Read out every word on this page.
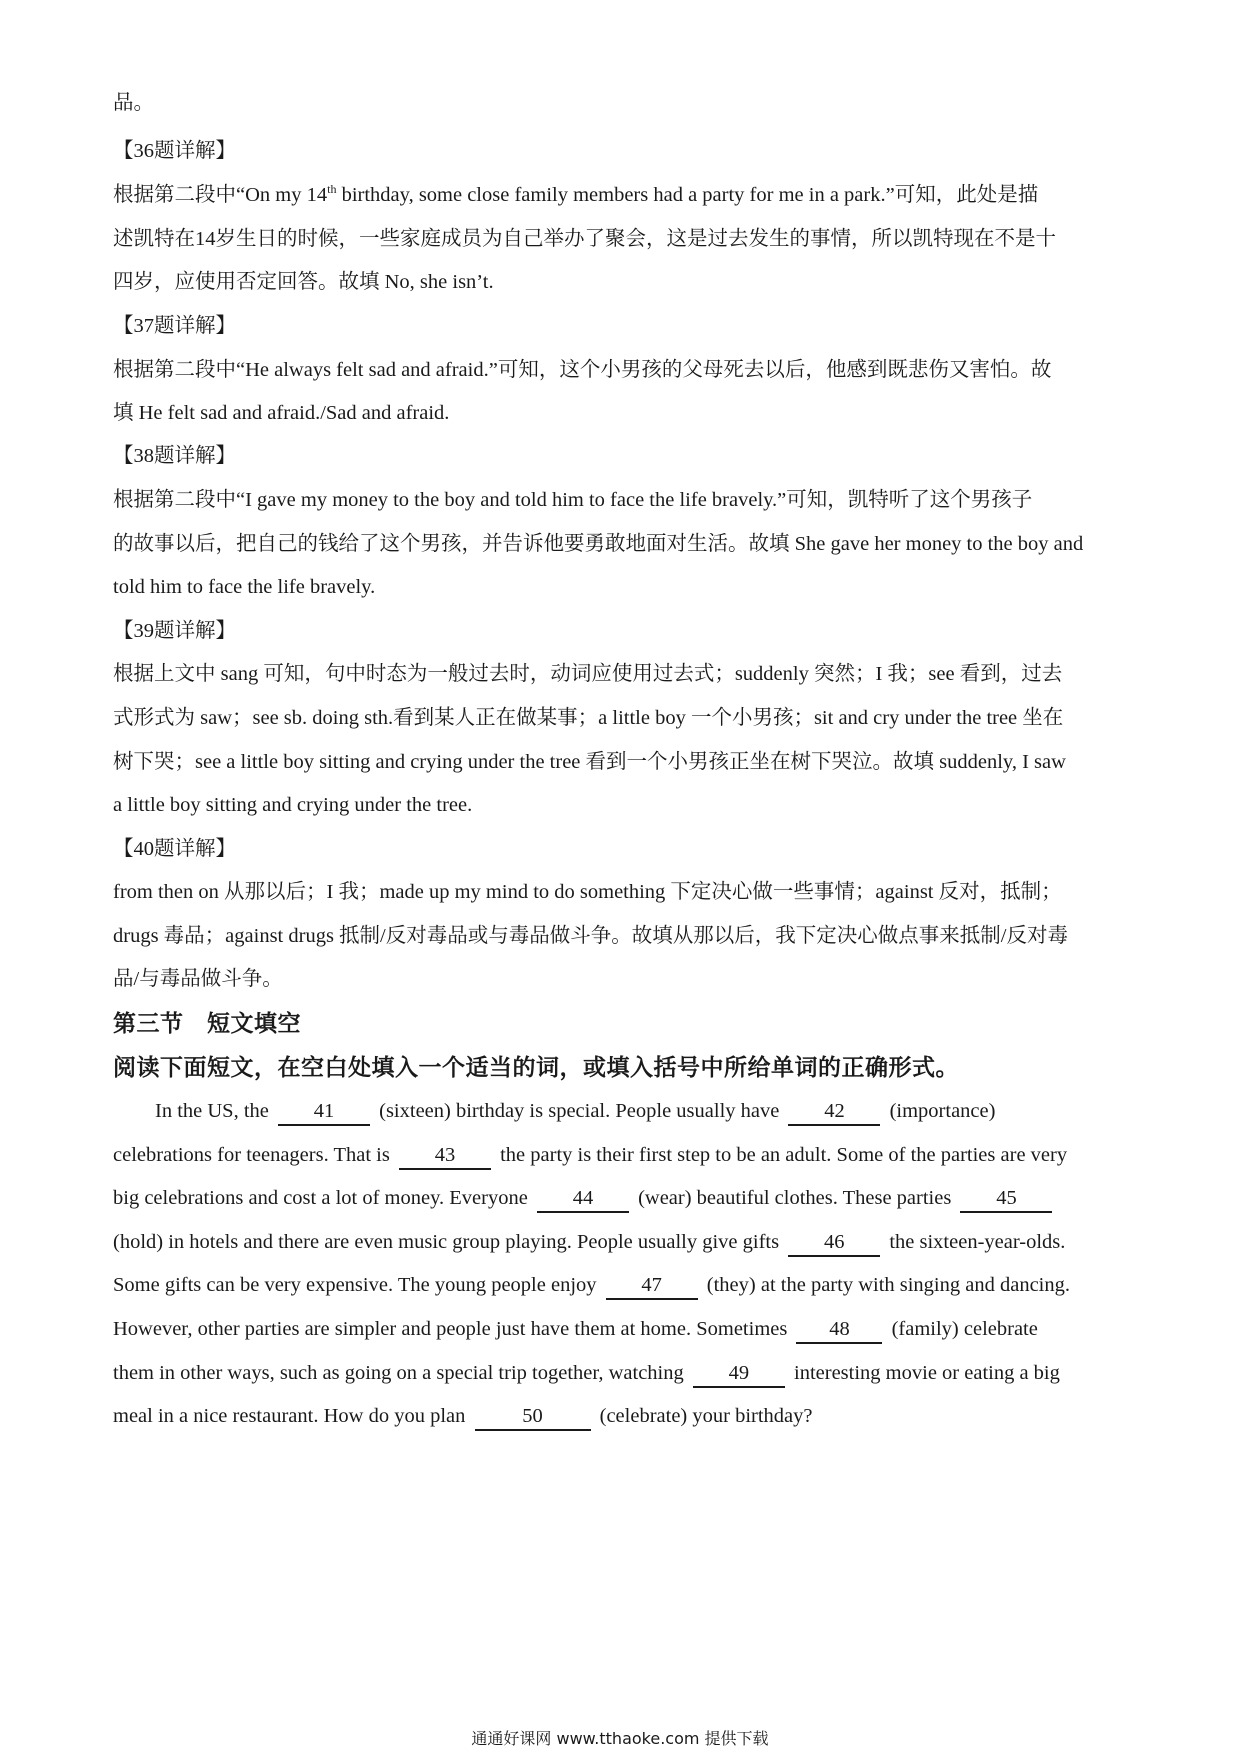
品。
【36题详解】
根据第二段中“On my 14th birthday, some close family members had a party for me in a park.”可知，此处是描
述凯特在14岁生日的时候，一些家庭成员为自己举办了聚会，这是过去发生的事情，所以凯特现在不是十
四岁，应使用否定回答。故填 No, she isn’t.
【37题详解】
根据第二段中“He always felt sad and afraid.”可知，这个小男孩的父母死去以后，他感到既悲伤又害怕。故
填 He felt sad and afraid./Sad and afraid.
【38题详解】
根据第二段中“I gave my money to the boy and told him to face the life bravely.”可知，凯特听了这个男孩子
的故事以后，把自己的钱给了这个男孩，并告诉他要勇敢地面对生活。故填 She gave her money to the boy and
told him to face the life bravely.
【39题详解】
根据上文中 sang 可知，句中时态为一般过去时，动词应使用过去式；suddenly 突然；I 我；see 看到，过去
式形式为 saw；see sb. doing sth.看到某人正在做某事；a little boy 一个小男孩；sit and cry under the tree 坐在
树下哭；see a little boy sitting and crying under the tree 看到一个小男孩正坐在树下哭泣。故填 suddenly, I saw
a little boy sitting and crying under the tree.
【40题详解】
from then on 从那以后；I 我；made up my mind to do something 下定决心做一些事情；against 反对，抵制；
drugs 毒品；against drugs 抵制/反对毒品或与毒品做斗争。故填从那以后，我下定决心做点事来抵制/反对毒
品/与毒品做斗争。
第三节　短文填空
阅读下面短文，在空白处填入一个适当的词，或填入括号中所给单词的正确形式。
In the US, the 41 (sixteen) birthday is special. People usually have 42 (importance)
celebrations for teenagers. That is 43 the party is their first step to be an adult. Some of the parties are very
big celebrations and cost a lot of money. Everyone 44 (wear) beautiful clothes. These parties 45
(hold) in hotels and there are even music group playing. People usually give gifts 46 the sixteen-year-olds.
Some gifts can be very expensive. The young people enjoy 47 (they) at the party with singing and dancing.
However, other parties are simpler and people just have them at home. Sometimes 48 (family) celebrate
them in other ways, such as going on a special trip together, watching 49 interesting movie or eating a big
meal in a nice restaurant. How do you plan	50	(celebrate) your birthday?
通通好课网 www.tthaoke.com 提供下载
